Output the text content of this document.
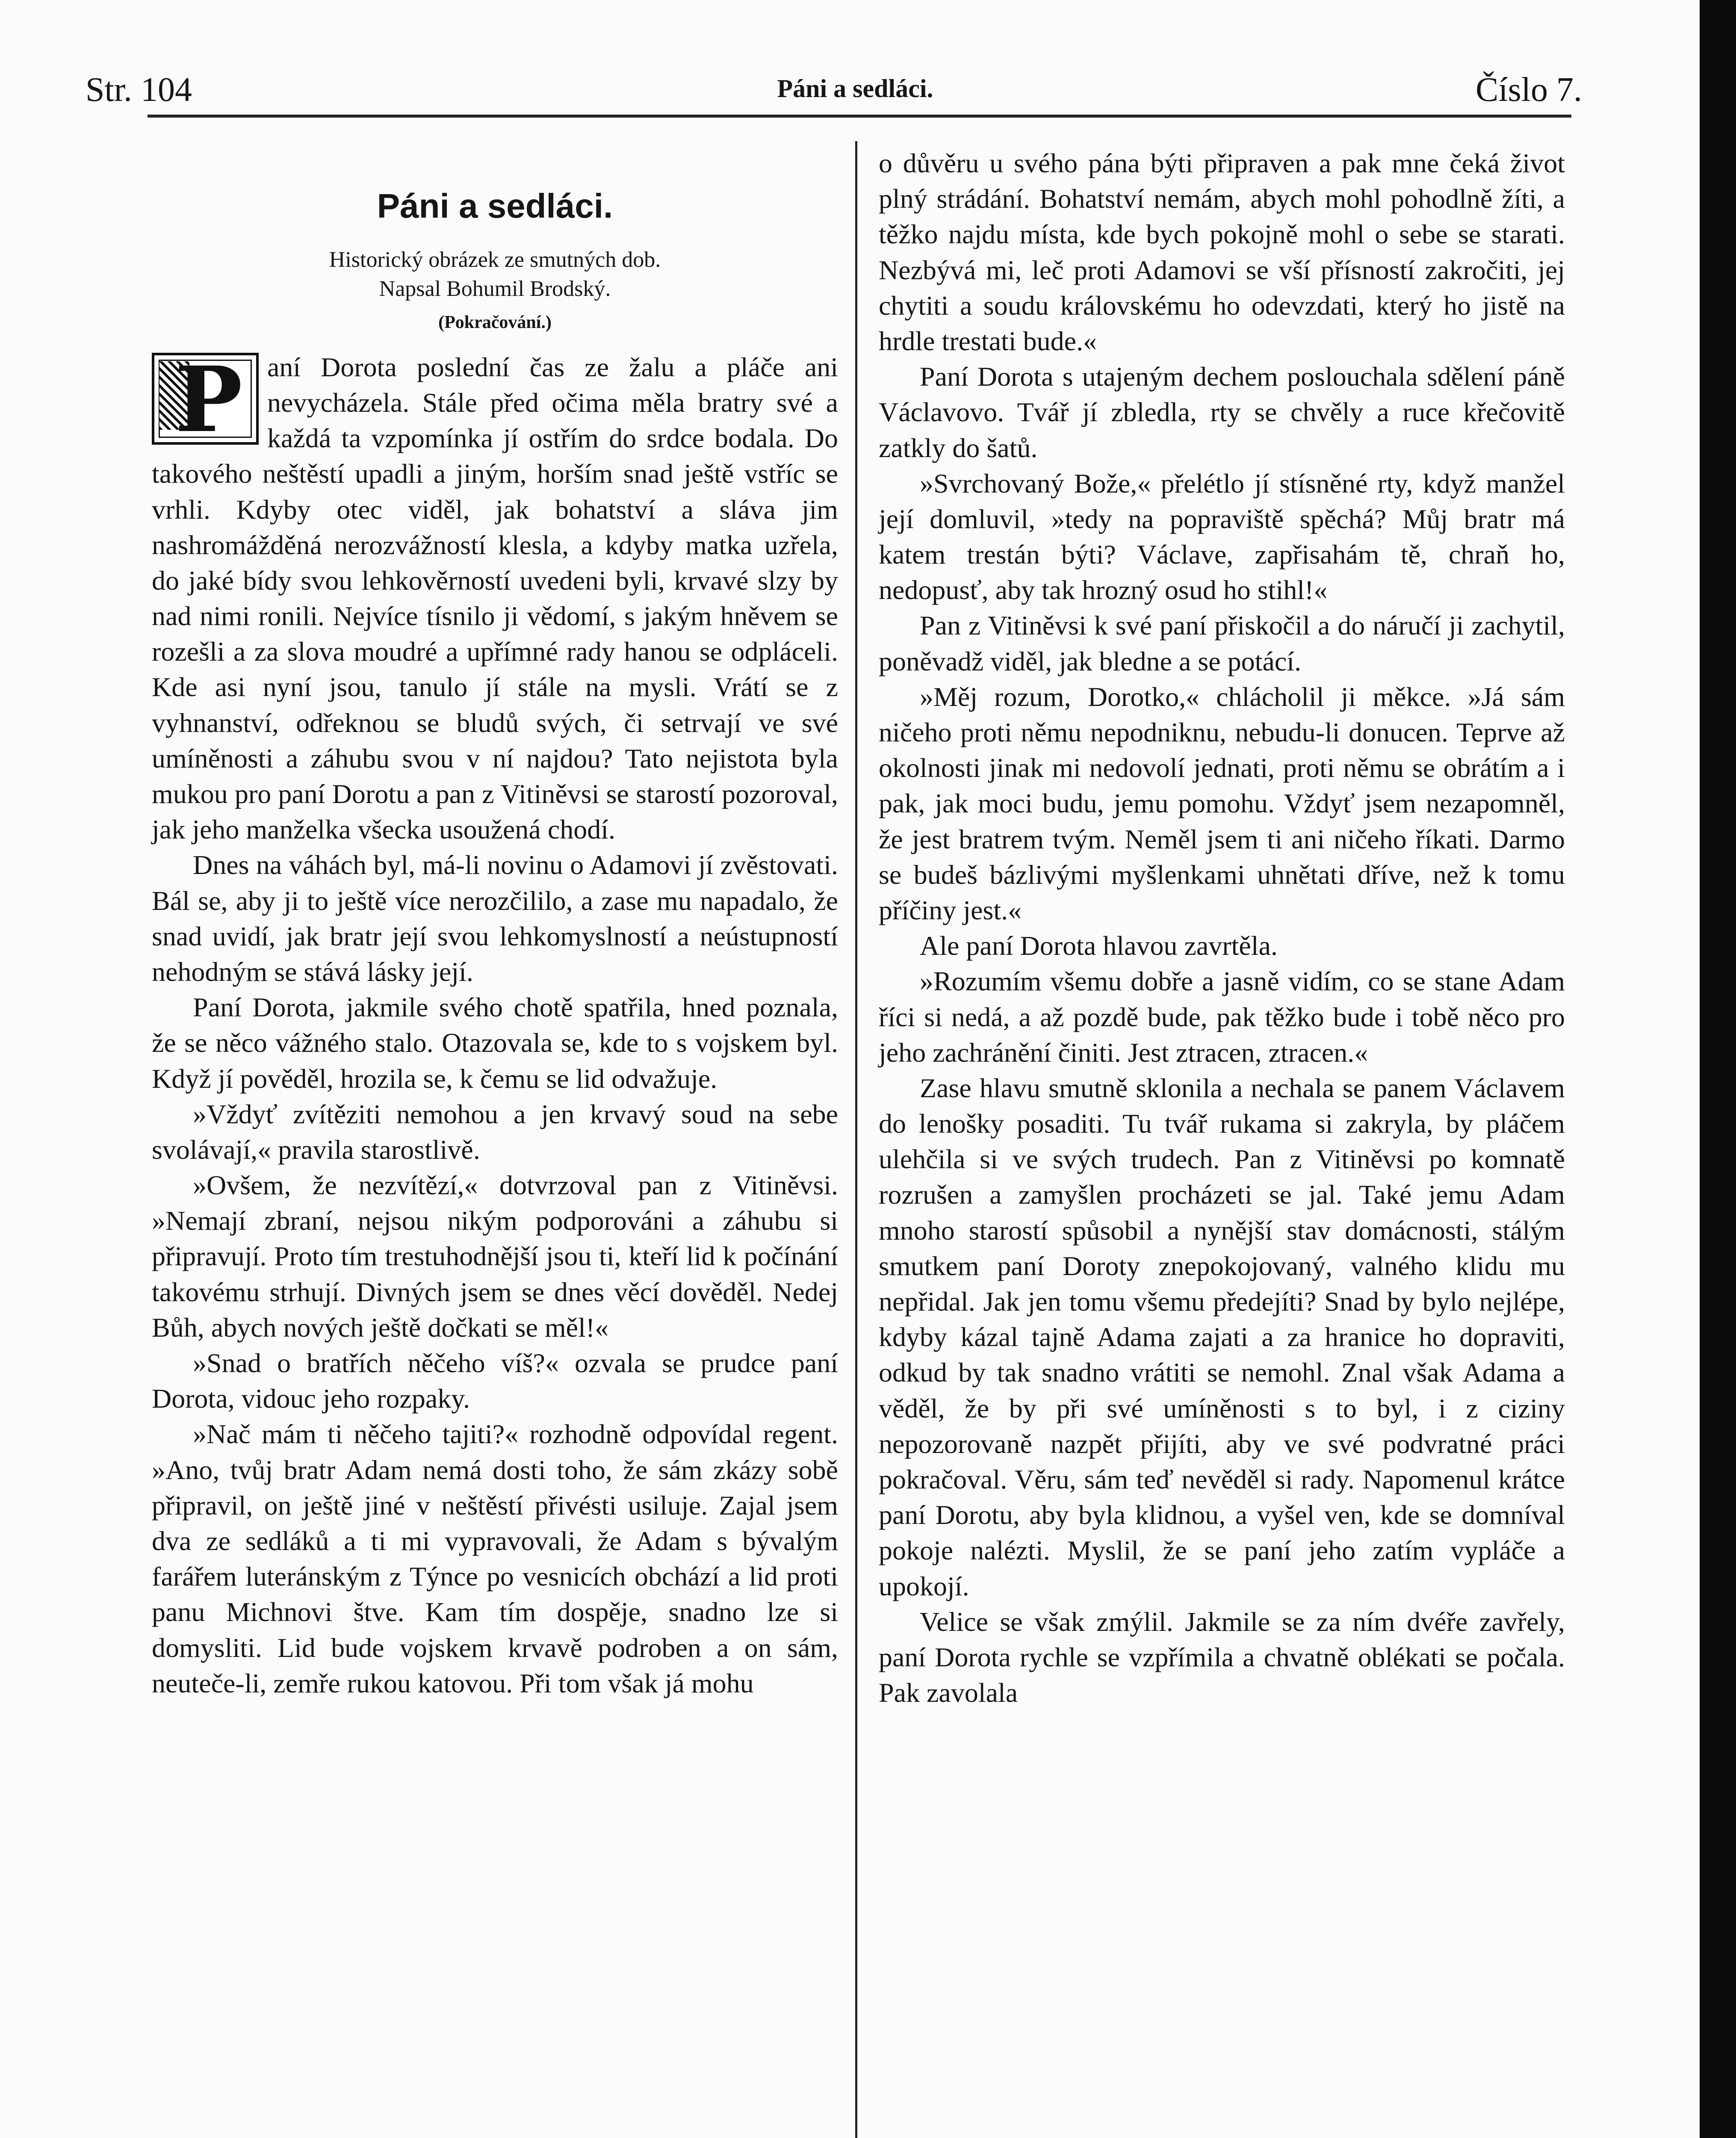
Str. 104	Páni a sedláci.	Číslo 7.
Páni a sedláci.
Historický obrázek ze smutných dob.
Napsal Bohumil Brodský.
(Pokračování.)

P aní Dorota poslední čas ze žalu a pláče ani nevycházela. Stále před očima měla bratry své a každá ta vzpomínka jí ostřím do srdce bodala. Do takového neštěstí upadli a jiným, horším snad ještě vstříc se vrhli. Kdyby otec viděl, jak bohatství a sláva jim nashromážděná nerozvážností klesla, a kdyby matka uzřela, do jaké bídy svou lehkověrností uvedeni byli, krvavé slzy by nad nimi ronili. Nejvíce tísnilo ji vědomí, s jakým hněvem se rozešli a za slova moudré a upřímné rady hanou se odpláceli. Kde asi nyní jsou, tanulo jí stále na mysli. Vrátí se z vyhnanství, odřeknou se bludů svých, či setrvají ve své umíněnosti a záhubu svou v ní najdou? Tato nejistota byla mukou pro paní Dorotu a pan z Vitiněvsi se starostí pozoroval, jak jeho manželka všecka usoužená chodí.

Dnes na váhách byl, má-li novinu o Adamovi jí zvěstovati. Bál se, aby ji to ještě více nerozčililo, a zase mu napadalo, že snad uvidí, jak bratr její svou lehkomyslností a neústupností nehodným se stává lásky její.

Paní Dorota, jakmile svého chotě spatřila, hned poznala, že se něco vážného stalo. Otazovala se, kde to s vojskem byl. Když jí pověděl, hrozila se, k čemu se lid odvažuje.

»Vždyť zvítěziti nemohou a jen krvavý soud na sebe svolávají,« pravila starostlivě.

»Ovšem, že nezvítězí,« dotvrzoval pan z Vitiněvsi. »Nemají zbraní, nejsou nikým podporováni a záhubu si připravují. Proto tím trestuhodnější jsou ti, kteří lid k počínání takovému strhují. Divných jsem se dnes věcí dověděl. Nedej Bůh, abych nových ještě dočkati se měl!«

»Snad o bratřích něčeho víš?« ozvala se prudce paní Dorota, vidouc jeho rozpaky.

»Nač mám ti něčeho tajiti?« rozhodně odpovídal regent. »Ano, tvůj bratr Adam nemá dosti toho, že sám zkázy sobě připravil, on ještě jiné v neštěstí přivésti usiluje. Zajal jsem dva ze sedláků a ti mi vypravovali, že Adam s bývalým farářem luteránským z Týnce po vesnicích obchází a lid proti panu Michnovi štve. Kam tím dospěje, snadno lze si domysliti. Lid bude vojskem krvavě podroben a on sám, neuteče-li, zemře rukou katovou. Při tom však já mohu

o důvěru u svého pána býti připraven a pak mne čeká život plný strádání. Bohatství nemám, abych mohl pohodlně žíti, a těžko najdu místa, kde bych pokojně mohl o sebe se starati. Nezbývá mi, leč proti Adamovi se vší přísností zakročiti, jej chytiti a soudu královskému ho odevzdati, který ho jistě na hrdle trestati bude.«

Paní Dorota s utajeným dechem poslouchala sdělení páně Václavovo. Tvář jí zbledla, rty se chvěly a ruce křečovitě zatkly do šatů.

»Svrchovaný Bože,« přelétlo jí stísněné rty, když manžel její domluvil, »tedy na popraviště spěchá? Můj bratr má katem trestán býti? Václave, zapřisahám tě, chraň ho, nedopusť, aby tak hrozný osud ho stihl!«

Pan z Vitiněvsi k své paní přiskočil a do náručí ji zachytil, poněvadž viděl, jak bledne a se potácí.

»Měj rozum, Dorotko,« chlácholil ji měkce. »Já sám ničeho proti němu nepodniknu, nebudu-li donucen. Teprve až okolnosti jinak mi nedovolí jednati, proti němu se obrátím a i pak, jak moci budu, jemu pomohu. Vždyť jsem nezapomněl, že jest bratrem tvým. Neměl jsem ti ani ničeho říkati. Darmo se budeš bázlivými myšlenkami uhnětati dříve, než k tomu příčiny jest.«

Ale paní Dorota hlavou zavrtěla.

»Rozumím všemu dobře a jasně vidím, co se stane Adam říci si nedá, a až pozdě bude, pak těžko bude i tobě něco pro jeho zachránění činiti. Jest ztracen, ztracen.«

Zase hlavu smutně sklonila a nechala se panem Václavem do lenošky posaditi. Tu tvář rukama si zakryla, by pláčem ulehčila si ve svých trudech. Pan z Vitiněvsi po komnatě rozrušen a zamyšlen procházeti se jal. Také jemu Adam mnoho starostí spůsobil a nynější stav domácnosti, stálým smutkem paní Doroty znepokojovaný, valného klidu mu nepřidal. Jak jen tomu všemu předejíti? Snad by bylo nejlépe, kdyby kázal tajně Adama zajati a za hranice ho dopraviti, odkud by tak snadno vrátiti se nemohl. Znal však Adama a věděl, že by při své umíněnosti s to byl, i z ciziny nepozorovaně nazpět přijíti, aby ve své podvratné práci pokračoval. Věru, sám teď nevěděl si rady. Napomenul krátce paní Dorotu, aby byla klidnou, a vyšel ven, kde se domníval pokoje nalézti. Myslil, že se paní jeho zatím vypláče a upokojí.

Velice se však zmýlil. Jakmile se za ním dvéře zavřely, paní Dorota rychle se vzpřímila a chvatně oblékati se počala. Pak zavolala
